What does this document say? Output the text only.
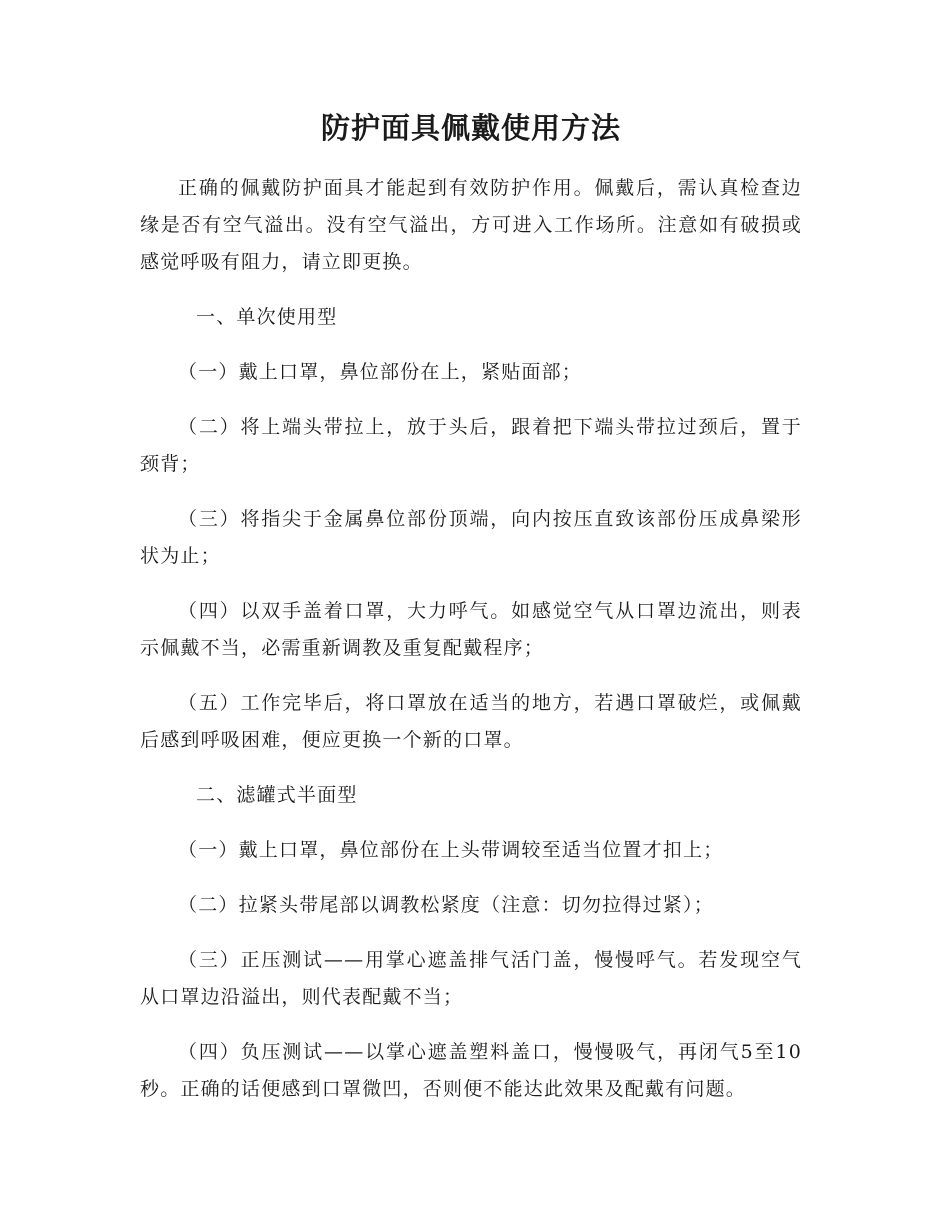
防护面具佩戴使用方法

正确的佩戴防护面具才能起到有效防护作用。佩戴后，需认真检查边缘是否有空气溢出。没有空气溢出，方可进入工作场所。注意如有破损或感觉呼吸有阻力，请立即更换。

一、单次使用型

（一）戴上口罩，鼻位部份在上，紧贴面部；

（二）将上端头带拉上，放于头后，跟着把下端头带拉过颈后，置于颈背；

（三）将指尖于金属鼻位部份顶端，向内按压直致该部份压成鼻梁形状为止；

（四）以双手盖着口罩，大力呼气。如感觉空气从口罩边流出，则表示佩戴不当，必需重新调教及重复配戴程序；

（五）工作完毕后，将口罩放在适当的地方，若遇口罩破烂，或佩戴后感到呼吸困难，便应更换一个新的口罩。

二、滤罐式半面型

（一）戴上口罩，鼻位部份在上头带调较至适当位置才扣上；

（二）拉紧头带尾部以调教松紧度（注意：切勿拉得过紧）；

（三）正压测试——用掌心遮盖排气活门盖，慢慢呼气。若发现空气从口罩边沿溢出，则代表配戴不当；

（四）负压测试——以掌心遮盖塑料盖口，慢慢吸气，再闭气5至10秒。正确的话便感到口罩微凹，否则便不能达此效果及配戴有问题。
